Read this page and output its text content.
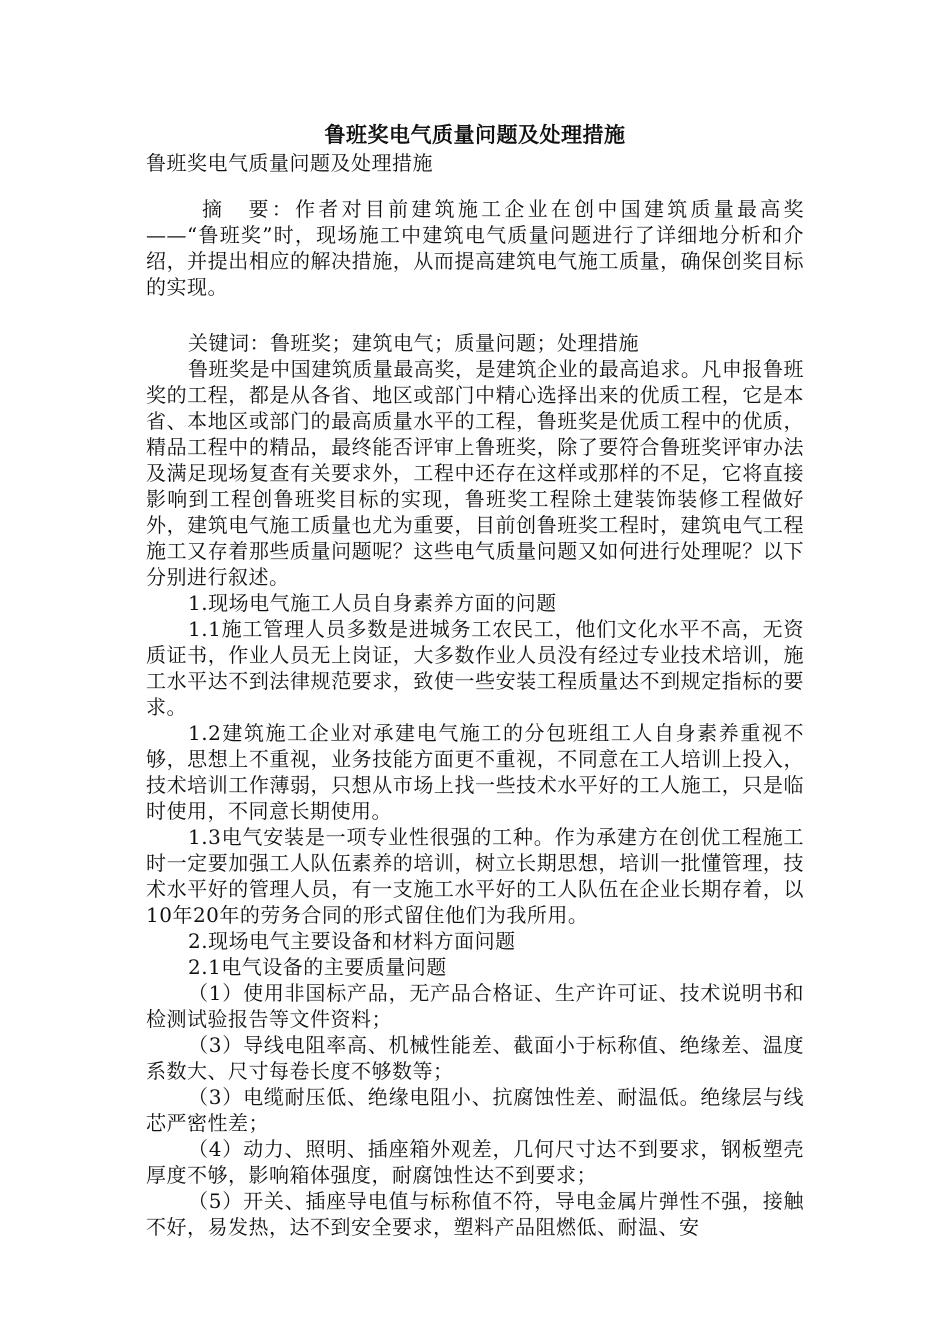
鲁班奖电气质量问题及处理措施
鲁班奖电气质量问题及处理措施

摘　要：作者对目前建筑施工企业在创中国建筑质量最高奖——“鲁班奖”时，现场施工中建筑电气质量问题进行了详细地分析和介绍，并提出相应的解决措施，从而提高建筑电气施工质量，确保创奖目标的实现。

关键词：鲁班奖；建筑电气；质量问题；处理措施

鲁班奖是中国建筑质量最高奖，是建筑企业的最高追求。凡申报鲁班奖的工程，都是从各省、地区或部门中精心选择出来的优质工程，它是本省、本地区或部门的最高质量水平的工程，鲁班奖是优质工程中的优质，精品工程中的精品，最终能否评审上鲁班奖，除了要符合鲁班奖评审办法及满足现场复查有关要求外，工程中还存在这样或那样的不足，它将直接影响到工程创鲁班奖目标的实现，鲁班奖工程除土建装饰装修工程做好外，建筑电气施工质量也尤为重要，目前创鲁班奖工程时，建筑电气工程施工又存着那些质量问题呢？这些电气质量问题又如何进行处理呢？以下分别进行叙述。

1.现场电气施工人员自身素养方面的问题

1.1施工管理人员多数是进城务工农民工，他们文化水平不高，无资质证书，作业人员无上岗证，大多数作业人员没有经过专业技术培训，施工水平达不到法律规范要求，致使一些安装工程质量达不到规定指标的要求。

1.2建筑施工企业对承建电气施工的分包班组工人自身素养重视不够，思想上不重视，业务技能方面更不重视，不同意在工人培训上投入，技术培训工作薄弱，只想从市场上找一些技术水平好的工人施工，只是临时使用，不同意长期使用。

1.3电气安装是一项专业性很强的工种。作为承建方在创优工程施工时一定要加强工人队伍素养的培训，树立长期思想，培训一批懂管理，技术水平好的管理人员，有一支施工水平好的工人队伍在企业长期存着，以10年20年的劳务合同的形式留住他们为我所用。

2.现场电气主要设备和材料方面问题

2.1电气设备的主要质量问题

（1）使用非国标产品，无产品合格证、生产许可证、技术说明书和检测试验报告等文件资料；

（3）导线电阻率高、机械性能差、截面小于标称值、绝缘差、温度系数大、尺寸每卷长度不够数等；

（3）电缆耐压低、绝缘电阻小、抗腐蚀性差、耐温低。绝缘层与线芯严密性差；

（4）动力、照明、插座箱外观差，几何尺寸达不到要求，钢板塑壳厚度不够，影响箱体强度，耐腐蚀性达不到要求；

（5）开关、插座导电值与标称值不符，导电金属片弹性不强，接触不好，易发热，达不到安全要求，塑料产品阻燃低、耐温、安
